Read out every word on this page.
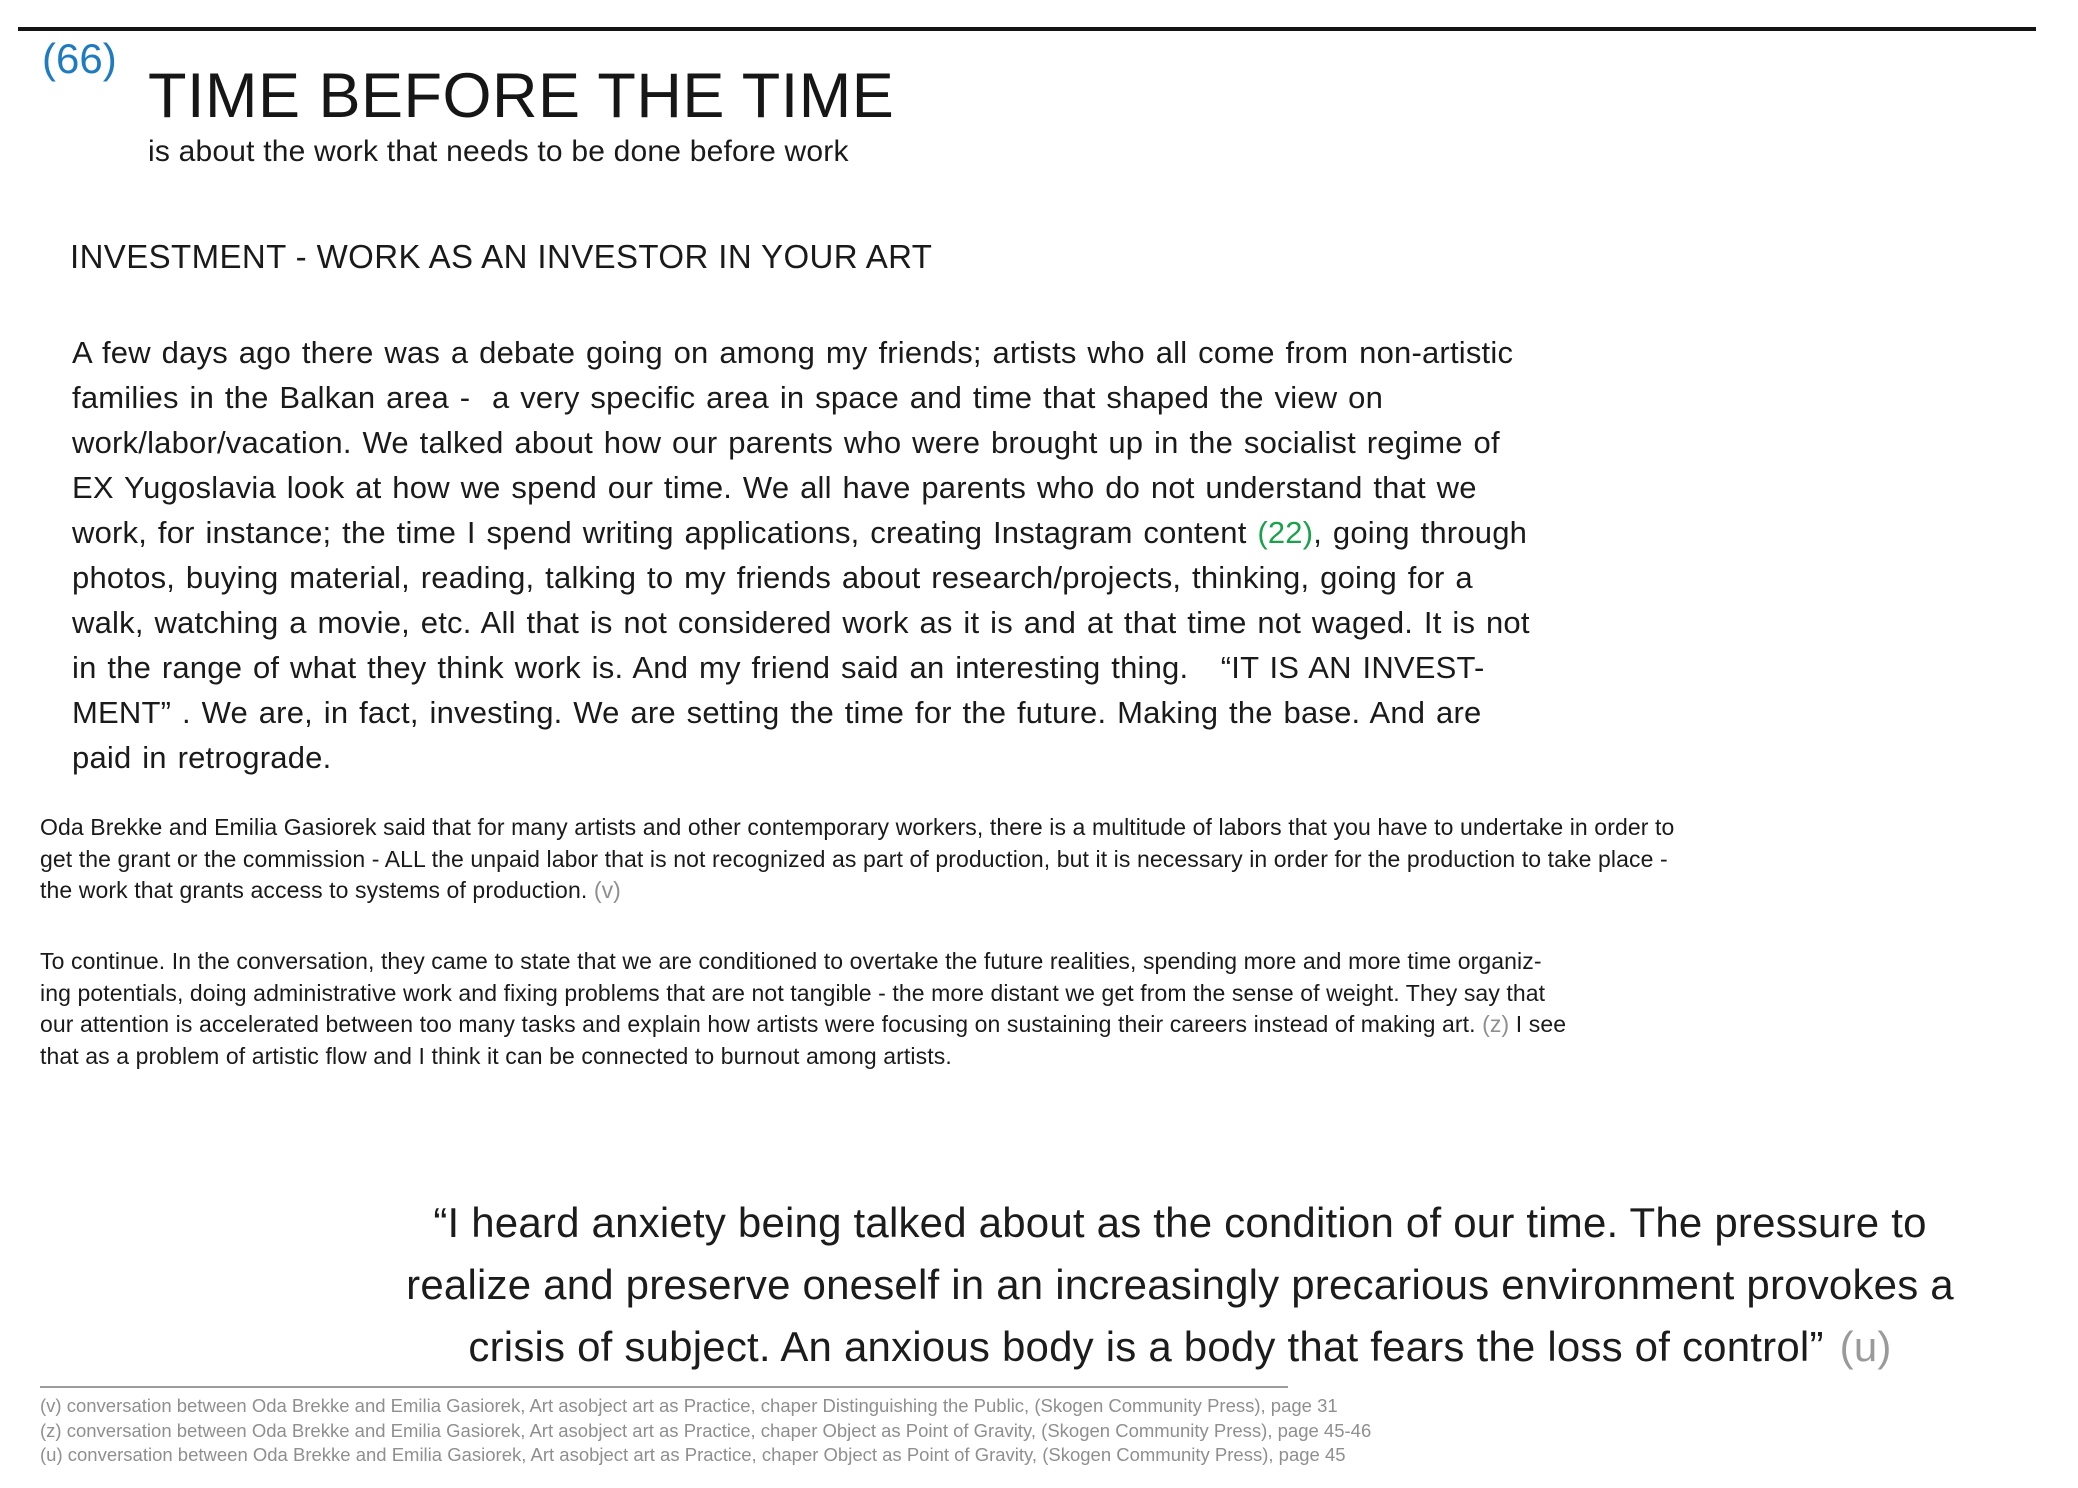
(66)
TIME BEFORE THE TIME
is about the work that needs to be done before work
INVESTMENT - WORK AS AN INVESTOR IN YOUR ART
A few days ago there was a debate going on among my friends; artists who all come from non-artistic
families in the Balkan area -  a very specific area in space and time that shaped the view on
work/labor/vacation. We talked about how our parents who were brought up in the socialist regime of
EX Yugoslavia look at how we spend our time. We all have parents who do not understand that we
work, for instance; the time I spend writing applications, creating Instagram content (22), going through
photos, buying material, reading, talking to my friends about research/projects, thinking, going for a
walk, watching a movie, etc. All that is not considered work as it is and at that time not waged. It is not
in the range of what they think work is. And my friend said an interesting thing.   “IT IS AN INVEST-
MENT” . We are, in fact, investing. We are setting the time for the future. Making the base. And are
paid in retrograde.
Oda Brekke and Emilia Gasiorek said that for many artists and other contemporary workers, there is a multitude of labors that you have to undertake in order to
get the grant or the commission - ALL the unpaid labor that is not recognized as part of production, but it is necessary in order for the production to take place -
the work that grants access to systems of production. (v)
To continue. In the conversation, they came to state that we are conditioned to overtake the future realities, spending more and more time organiz-
ing potentials, doing administrative work and fixing problems that are not tangible - the more distant we get from the sense of weight. They say that
our attention is accelerated between too many tasks and explain how artists were focusing on sustaining their careers instead of making art. (z) I see
that as a problem of artistic flow and I think it can be connected to burnout among artists.
“I heard anxiety being talked about as the condition of our time. The pressure to
realize and preserve oneself in an increasingly precarious environment provokes a
crisis of subject. An anxious body is a body that fears the loss of control” (u)
(v) conversation between Oda Brekke and Emilia Gasiorek, Art asobject art as Practice, chaper Distinguishing the Public, (Skogen Community Press), page 31
(z) conversation between Oda Brekke and Emilia Gasiorek, Art asobject art as Practice, chaper Object as Point of Gravity, (Skogen Community Press), page 45-46
(u) conversation between Oda Brekke and Emilia Gasiorek, Art asobject art as Practice, chaper Object as Point of Gravity, (Skogen Community Press), page 45
